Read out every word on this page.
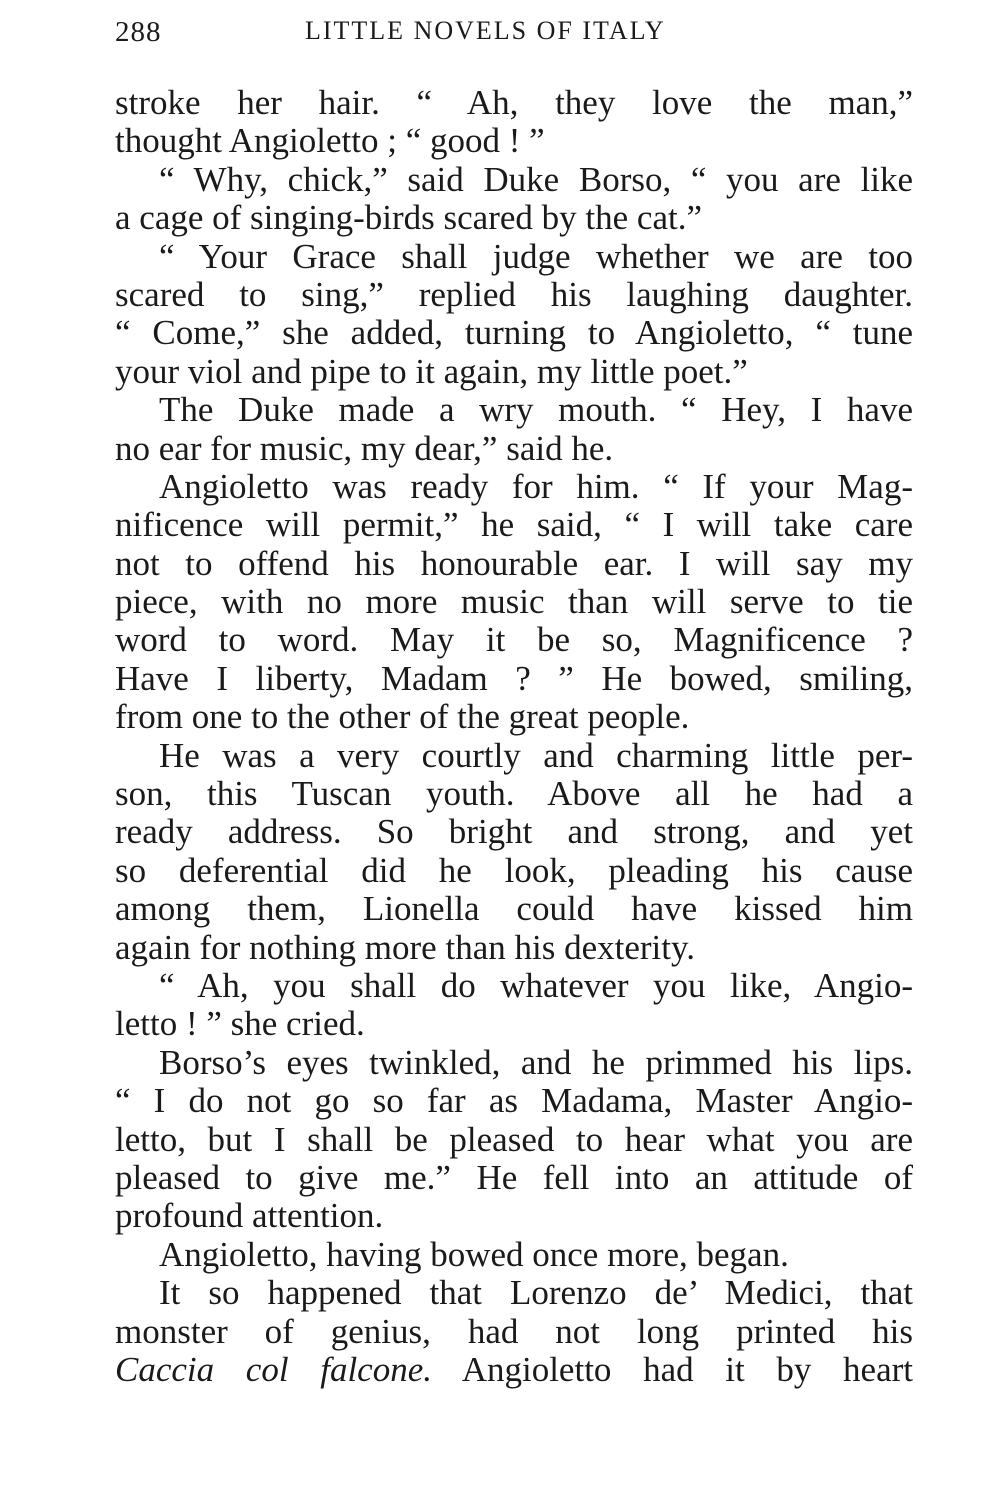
288	LITTLE NOVELS OF ITALY
stroke her hair. “ Ah, they love the man,”
thought Angioletto ; “ good ! ”
“ Why, chick,” said Duke Borso, “ you are like
a cage of singing-birds scared by the cat.”
“ Your Grace shall judge whether we are too
scared to sing,” replied his laughing daughter.
“ Come,” she added, turning to Angioletto, “ tune
your viol and pipe to it again, my little poet.”
The Duke made a wry mouth. “ Hey, I have
no ear for music, my dear,” said he.
Angioletto was ready for him. “ If your Mag-
nificence will permit,” he said, “ I will take care
not to offend his honourable ear. I will say my
piece, with no more music than will serve to tie
word to word. May it be so, Magnificence ?
Have I liberty, Madam ? ” He bowed, smiling,
from one to the other of the great people.
He was a very courtly and charming little per-
son, this Tuscan youth. Above all he had a
ready address. So bright and strong, and yet
so deferential did he look, pleading his cause
among them, Lionella could have kissed him
again for nothing more than his dexterity.
“ Ah, you shall do whatever you like, Angio-
letto ! ” she cried.
Borso’s eyes twinkled, and he primmed his lips.
“ I do not go so far as Madama, Master Angio-
letto, but I shall be pleased to hear what you are
pleased to give me.” He fell into an attitude of
profound attention.
Angioletto, having bowed once more, began.
It so happened that Lorenzo de’ Medici, that
monster of genius, had not long printed his
Caccia col falcone. Angioletto had it by heart
